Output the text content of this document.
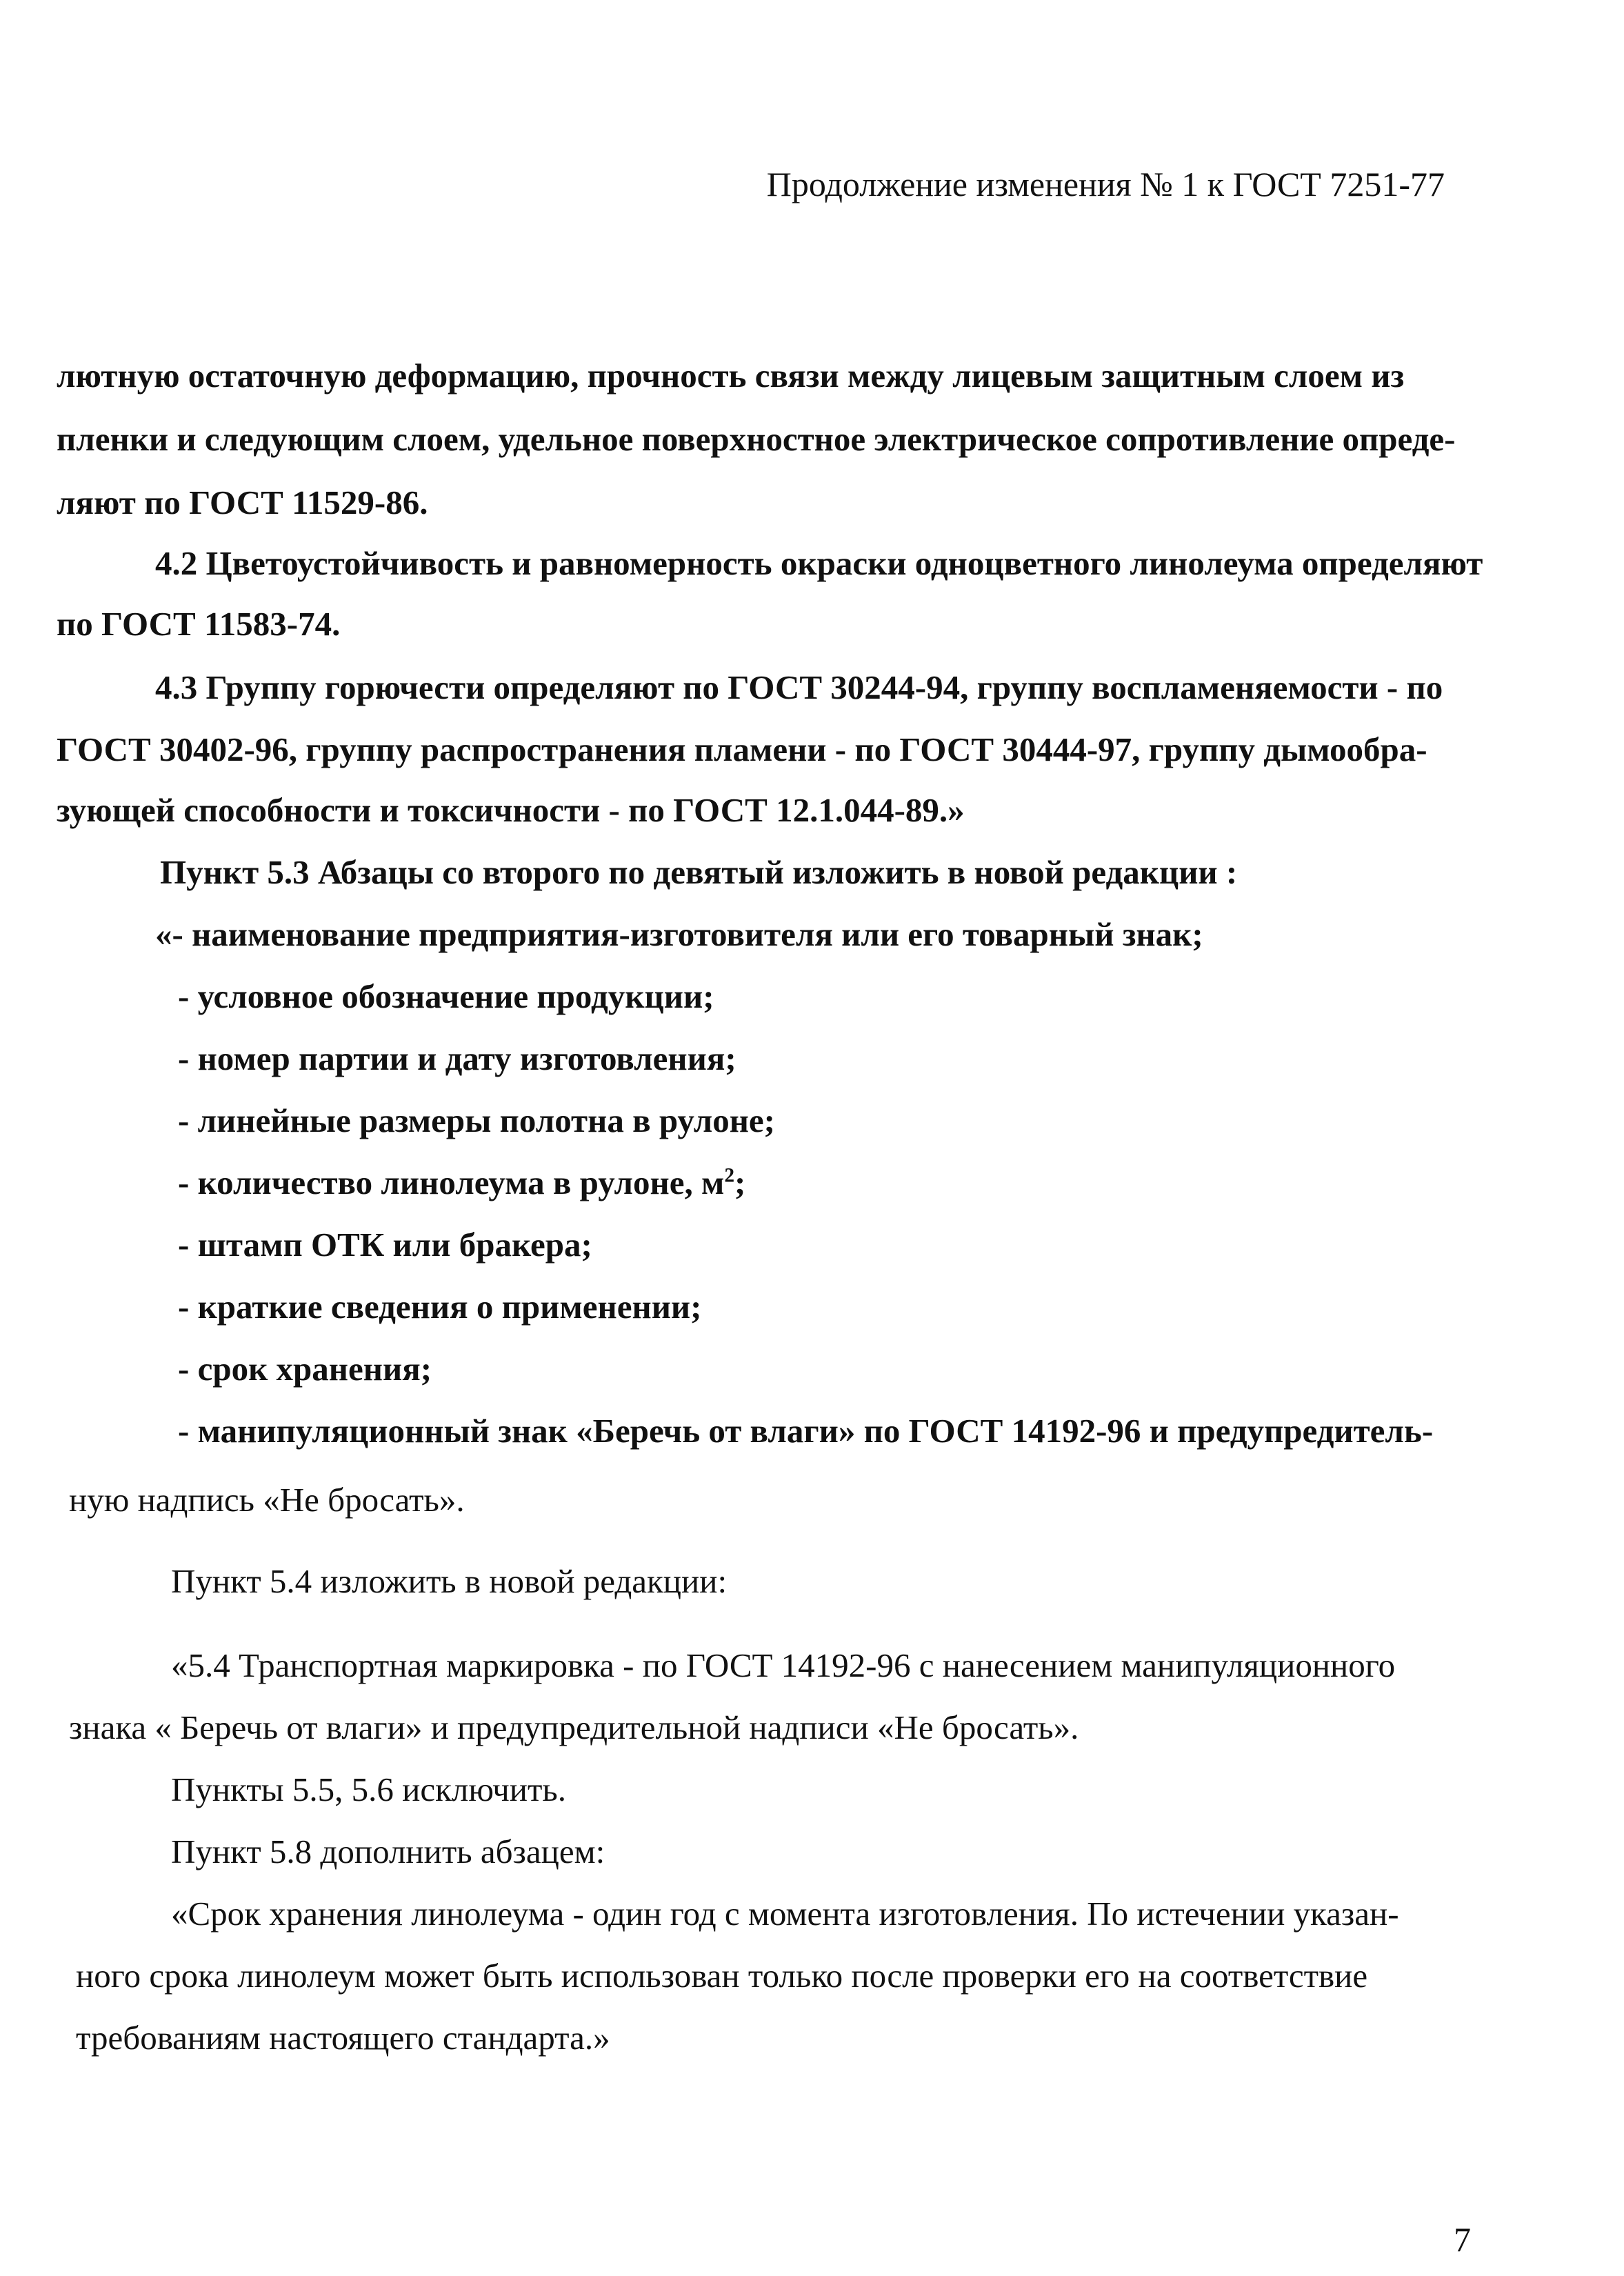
Продолжение изменения № 1 к ГОСТ 7251-77
лютную остаточную деформацию, прочность связи между лицевым защитным слоем из
пленки и следующим слоем, удельное поверхностное электрическое сопротивление опреде-
ляют по ГОСТ 11529-86.
4.2 Цветоустойчивость и равномерность окраски одноцветного линолеума определяют
по ГОСТ 11583-74.
4.3 Группу горючести определяют по ГОСТ 30244-94, группу воспламеняемости - по
ГОСТ 30402-96, группу распространения пламени - по ГОСТ 30444-97, группу дымообра-
зующей способности и токсичности - по ГОСТ 12.1.044-89.»
Пункт 5.3 Абзацы со второго по девятый изложить в новой редакции :
«- наименование предприятия-изготовителя или его товарный знак;
- условное обозначение продукции;
- номер партии и дату изготовления;
- линейные размеры полотна в рулоне;
- количество линолеума в рулоне, $м^2$;
- штамп ОТК или бракера;
- краткие сведения о применении;
- срок хранения;
- манипуляционный знак «Беречь от влаги» по ГОСТ 14192-96 и предупредитель-
ную надпись «Не бросать».
Пункт 5.4 изложить в новой редакции:
«5.4 Транспортная маркировка - по ГОСТ 14192-96 с нанесением манипуляционного
знака « Беречь от влаги» и предупредительной надписи «Не бросать».
Пункты 5.5, 5.6 исключить.
Пункт 5.8 дополнить абзацем:
«Срок хранения линолеума - один год с момента изготовления. По истечении указан-
ного срока линолеум может быть использован только после проверки его на соответствие
требованиям настоящего стандарта.»
7
